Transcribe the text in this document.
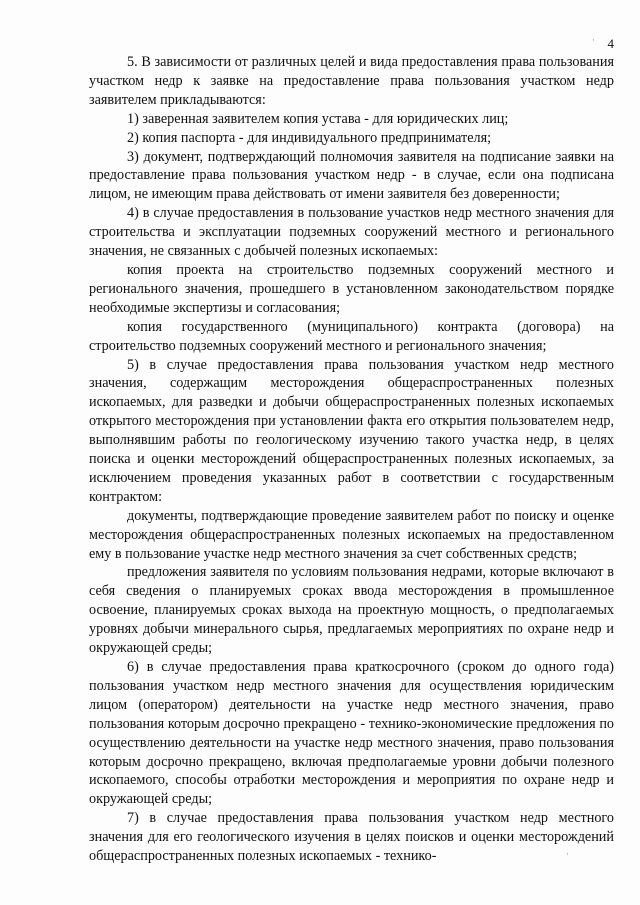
4

5. В зависимости от различных целей и вида предоставления права пользования участком недр к заявке на предоставление права пользования участком недр заявителем прикладываются:

1) заверенная заявителем копия устава - для юридических лиц;

2) копия паспорта - для индивидуального предпринимателя;

3) документ, подтверждающий полномочия заявителя на подписание заявки на предоставление права пользования участком недр - в случае, если она подписана лицом, не имеющим права действовать от имени заявителя без доверенности;

4) в случае предоставления в пользование участков недр местного значения для строительства и эксплуатации подземных сооружений местного и регионального значения, не связанных с добычей полезных ископаемых:

копия проекта на строительство подземных сооружений местного и регионального значения, прошедшего в установленном законодательством порядке необходимые экспертизы и согласования;

копия государственного (муниципального) контракта (договора) на строительство подземных сооружений местного и регионального значения;

5) в случае предоставления права пользования участком недр местного значения, содержащим месторождения общераспространенных полезных ископаемых, для разведки и добычи общераспространенных полезных ископаемых открытого месторождения при установлении факта его открытия пользователем недр, выполнявшим работы по геологическому изучению такого участка недр, в целях поиска и оценки месторождений общераспространенных полезных ископаемых, за исключением проведения указанных работ в соответствии с государственным контрактом:

документы, подтверждающие проведение заявителем работ по поиску и оценке месторождения общераспространенных полезных ископаемых на предоставленном ему в пользование участке недр местного значения за счет собственных средств;

предложения заявителя по условиям пользования недрами, которые включают в себя сведения о планируемых сроках ввода месторождения в промышленное освоение, планируемых сроках выхода на проектную мощность, о предполагаемых уровнях добычи минерального сырья, предлагаемых мероприятиях по охране недр и окружающей среды;

6) в случае предоставления права краткосрочного (сроком до одного года) пользования участком недр местного значения для осуществления юридическим лицом (оператором) деятельности на участке недр местного значения, право пользования которым досрочно прекращено - технико-экономические предложения по осуществлению деятельности на участке недр местного значения, право пользования которым досрочно прекращено, включая предполагаемые уровни добычи полезного ископаемого, способы отработки месторождения и мероприятия по охране недр и окружающей среды;

7) в случае предоставления права пользования участком недр местного значения для его геологического изучения в целях поисков и оценки месторождений общераспространенных полезных ископаемых - технико-

,
,
